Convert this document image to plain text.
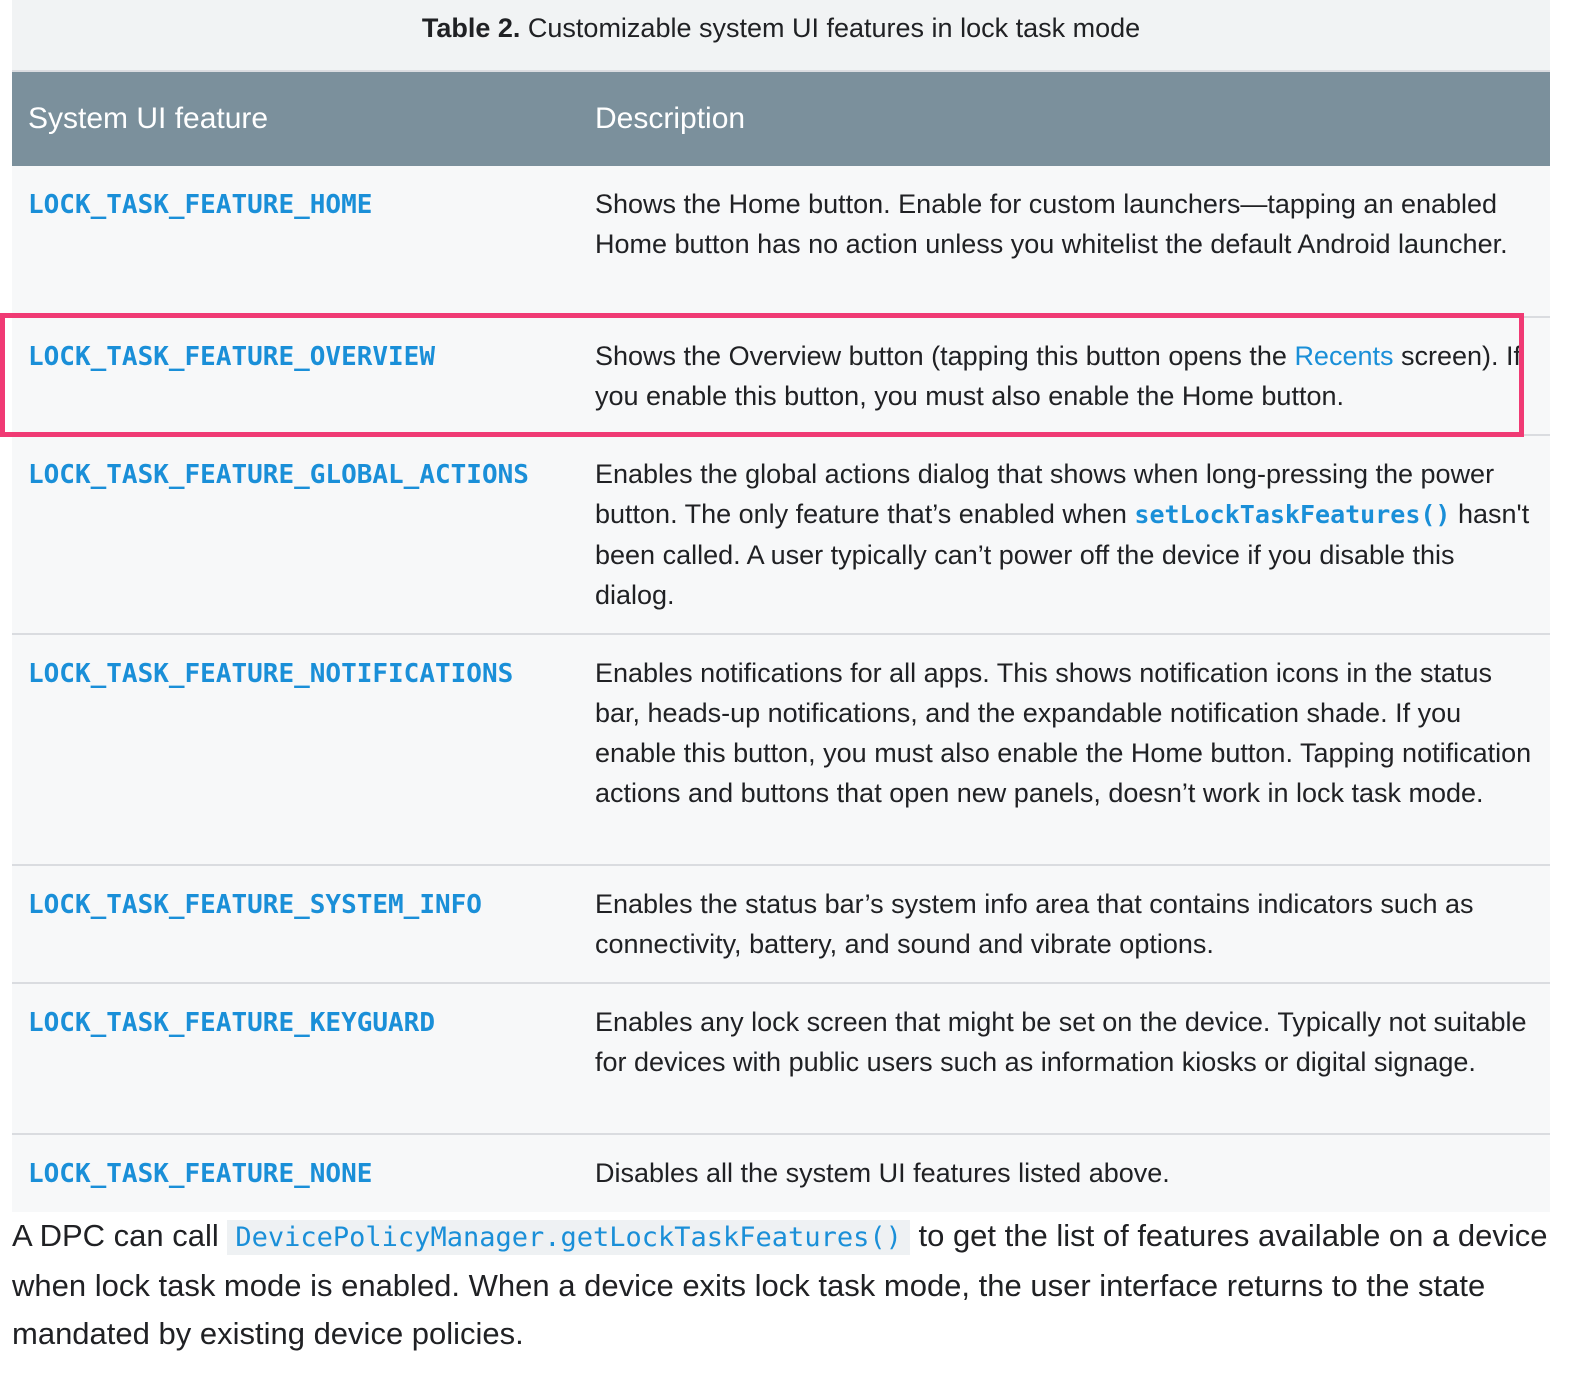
Table 2. Customizable system UI features in lock task mode
System UI feature	Description
LOCK_TASK_FEATURE_HOME	Shows the Home button. Enable for custom launchers—tapping an enabled Home button has no action unless you whitelist the default Android launcher.
LOCK_TASK_FEATURE_OVERVIEW	Shows the Overview button (tapping this button opens the Recents screen). If you enable this button, you must also enable the Home button.
LOCK_TASK_FEATURE_GLOBAL_ACTIONS	Enables the global actions dialog that shows when long-pressing the power button. The only feature that’s enabled when setLockTaskFeatures() hasn't been called. A user typically can’t power off the device if you disable this dialog.
LOCK_TASK_FEATURE_NOTIFICATIONS	Enables notifications for all apps. This shows notification icons in the status bar, heads-up notifications, and the expandable notification shade. If you enable this button, you must also enable the Home button. Tapping notification actions and buttons that open new panels, doesn’t work in lock task mode.
LOCK_TASK_FEATURE_SYSTEM_INFO	Enables the status bar’s system info area that contains indicators such as connectivity, battery, and sound and vibrate options.
LOCK_TASK_FEATURE_KEYGUARD	Enables any lock screen that might be set on the device. Typically not suitable for devices with public users such as information kiosks or digital signage.
LOCK_TASK_FEATURE_NONE	Disables all the system UI features listed above.

A DPC can call DevicePolicyManager.getLockTaskFeatures() to get the list of features available on a device when lock task mode is enabled. When a device exits lock task mode, the user interface returns to the state mandated by existing device policies.
